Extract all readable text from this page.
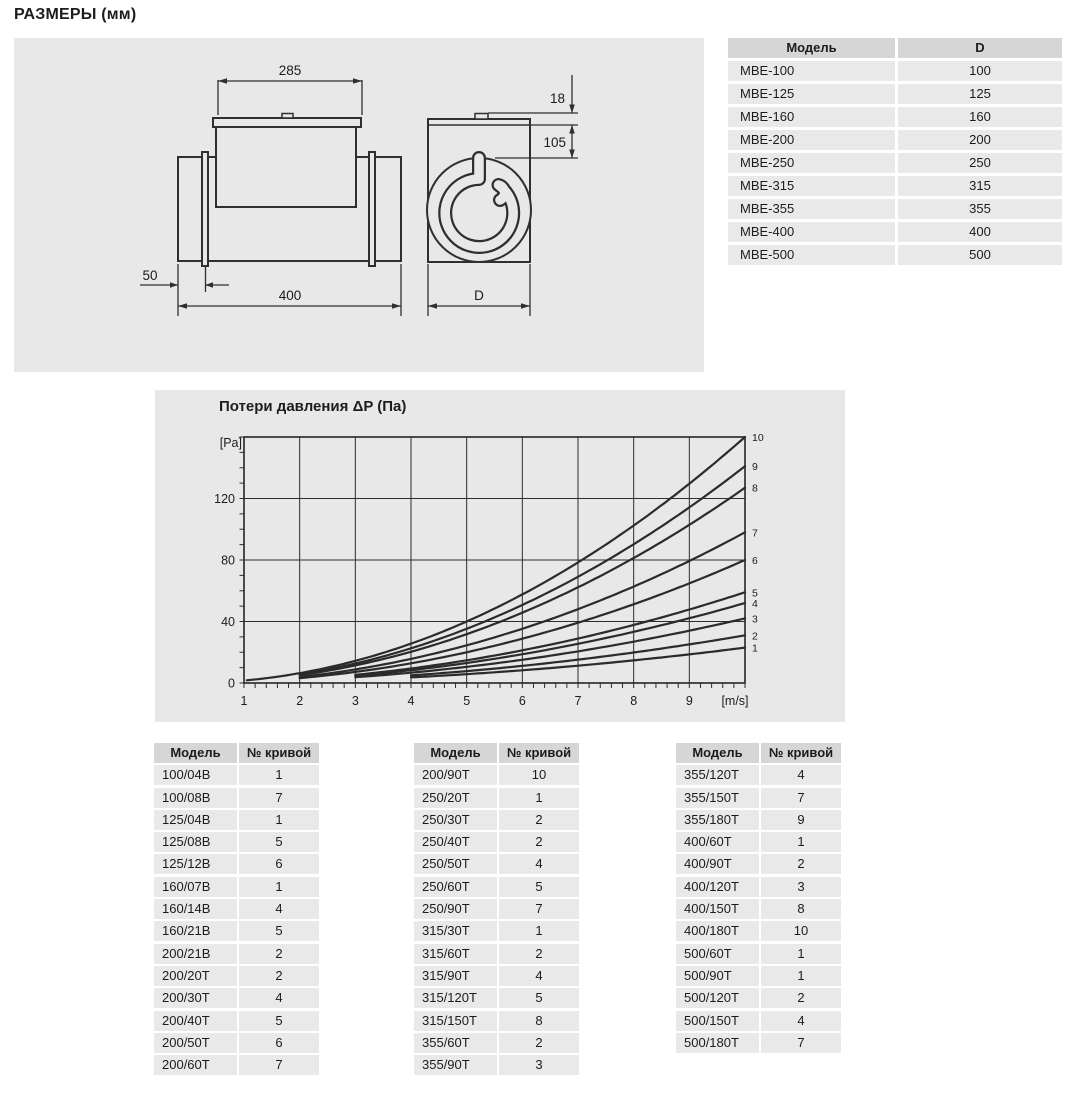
РАЗМЕРЫ (мм)
285
400
50
D
18
105
Модель	D
МВЕ-100	100
МВЕ-125	125
МВЕ-160	160
МВЕ-200	200
МВЕ-250	250
МВЕ-315	315
МВЕ-355	355
МВЕ-400	400
МВЕ-500	500
Потери давления ΔP (Па)
1	2	3	4	5	6	7	8	9
0
40
80
120
[Pa]
[m/s]
1
2
3
4
5
6
7
8
9
10
Модель	№ кривой
100/04В	1
100/08В	7
125/04В	1
125/08В	5
125/12В	6
160/07В	1
160/14В	4
160/21В	5
200/21В	2
200/20Т	2
200/30Т	4
200/40Т	5
200/50Т	6
200/60Т	7
Модель	№ кривой
200/90Т	10
250/20Т	1
250/30Т	2
250/40Т	2
250/50Т	4
250/60Т	5
250/90Т	7
315/30Т	1
315/60Т	2
315/90Т	4
315/120Т	5
315/150Т	8
355/60Т	2
355/90Т	3
Модель	№ кривой
355/120Т	4
355/150Т	7
355/180Т	9
400/60Т	1
400/90Т	2
400/120Т	3
400/150Т	8
400/180Т	10
500/60Т	1
500/90Т	1
500/120Т	2
500/150Т	4
500/180Т	7
